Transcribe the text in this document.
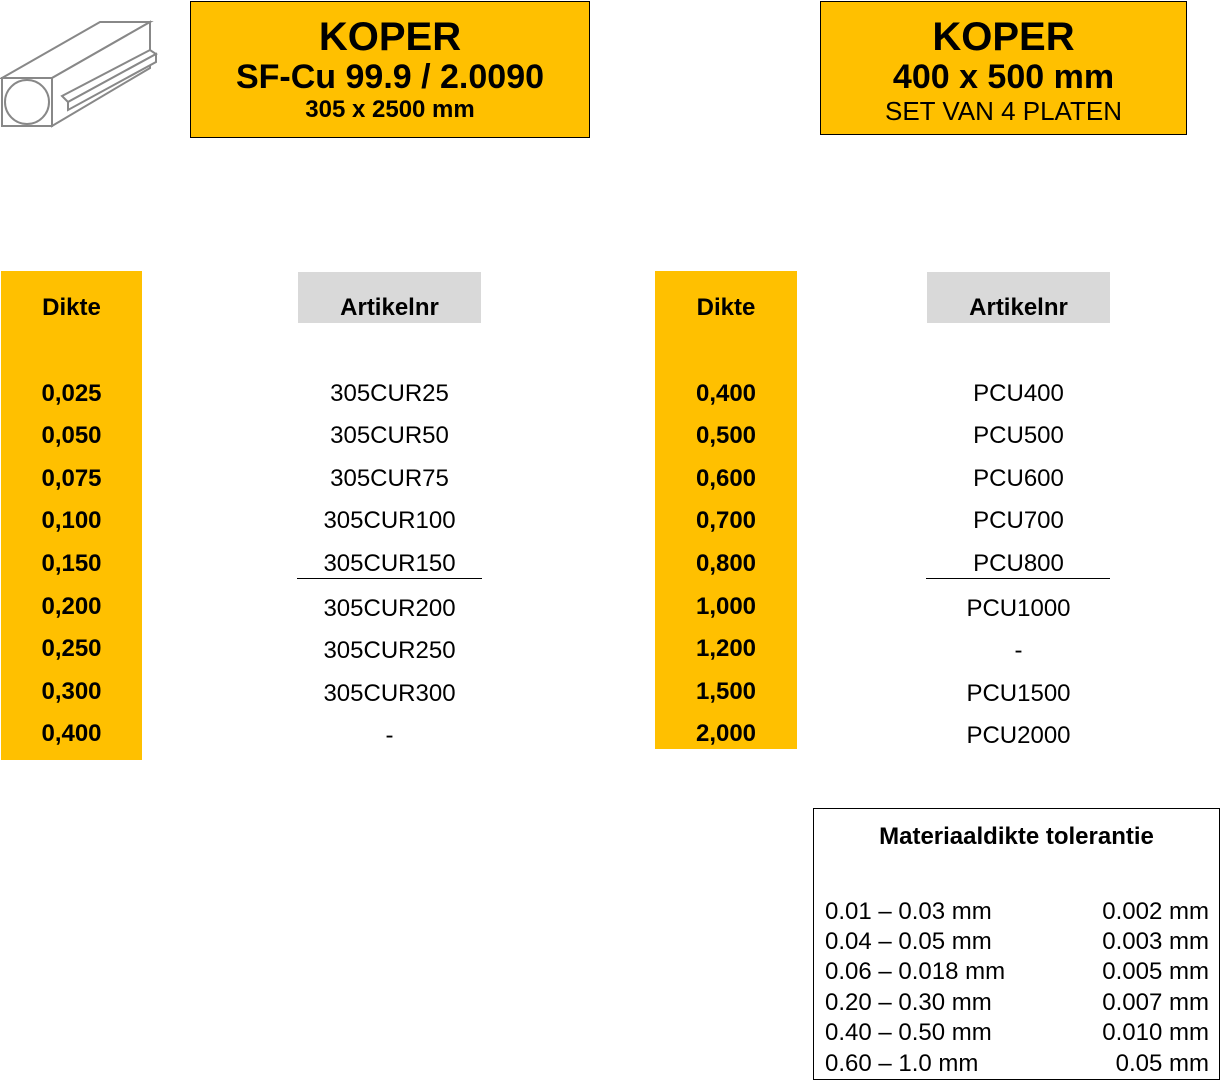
KOPER
SF-Cu 99.9 / 2.0090
305 x 2500 mm
KOPER
400 x 500 mm
SET VAN 4 PLATEN
Dikte	Artikelnr
0,025	305CUR25
0,050	305CUR50
0,075	305CUR75
0,100	305CUR100
0,150	305CUR150
0,200	305CUR200
0,250	305CUR250
0,300	305CUR300
0,400	-
Dikte	Artikelnr
0,400	PCU400
0,500	PCU500
0,600	PCU600
0,700	PCU700
0,800	PCU800
1,000	PCU1000
1,200	-
1,500	PCU1500
2,000	PCU2000
Materiaaldikte tolerantie
0.01 – 0.03 mm	0.002 mm
0.04 – 0.05 mm	0.003 mm
0.06 – 0.018 mm	0.005 mm
0.20 – 0.30 mm	0.007 mm
0.40 – 0.50 mm	0.010 mm
0.60 – 1.0 mm	0.05 mm
